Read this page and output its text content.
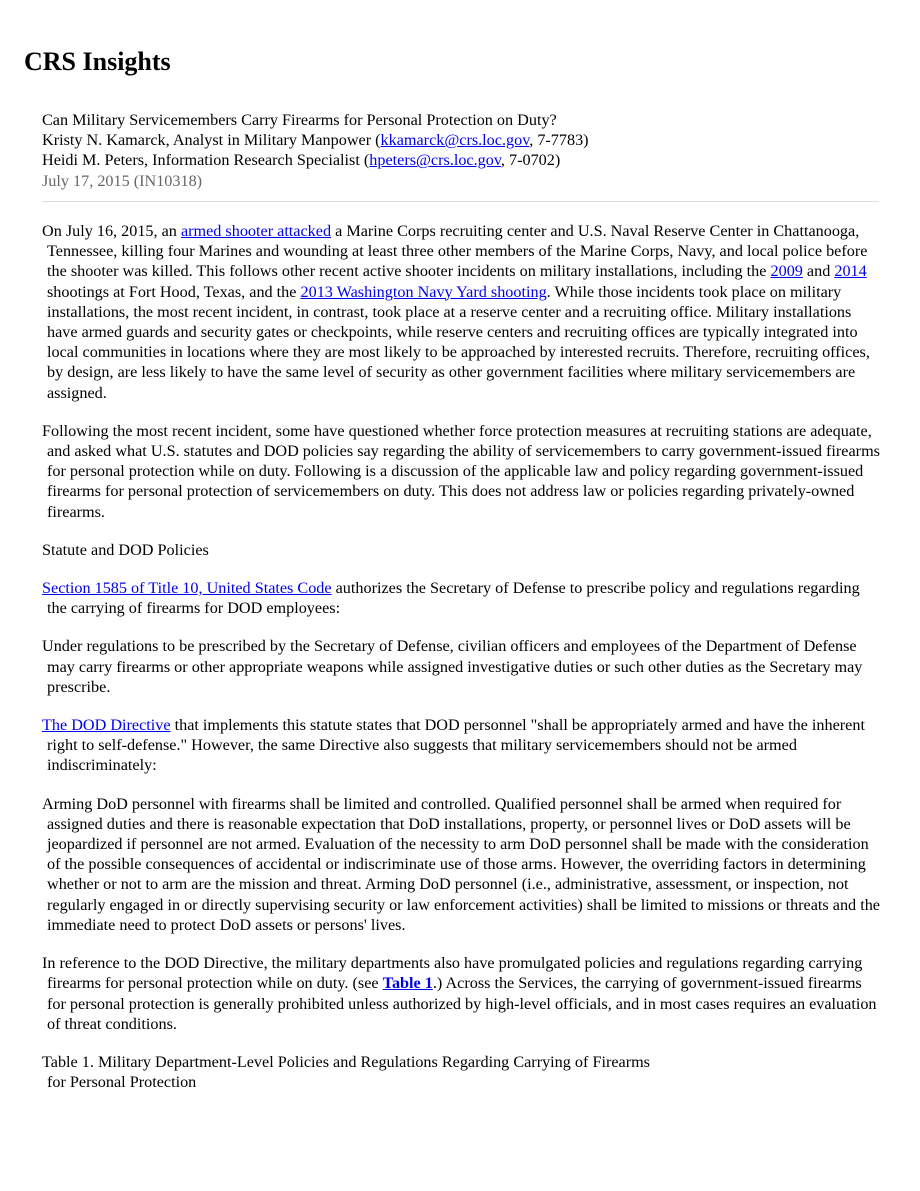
CRS Insights
Can Military Servicemembers Carry Firearms for Personal Protection on Duty?
Kristy N. Kamarck, Analyst in Military Manpower (kkamarck@crs.loc.gov, 7-7783)
Heidi M. Peters, Information Research Specialist (hpeters@crs.loc.gov, 7-0702)
July 17, 2015 (IN10318)

On July 16, 2015, an armed shooter attacked a Marine Corps recruiting center and U.S. Naval Reserve Center in Chattanooga, Tennessee, killing four Marines and wounding at least three other members of the Marine Corps, Navy, and local police before the shooter was killed. This follows other recent active shooter incidents on military installations, including the 2009 and 2014 shootings at Fort Hood, Texas, and the 2013 Washington Navy Yard shooting. While those incidents took place on military installations, the most recent incident, in contrast, took place at a reserve center and a recruiting office. Military installations have armed guards and security gates or checkpoints, while reserve centers and recruiting offices are typically integrated into local communities in locations where they are most likely to be approached by interested recruits. Therefore, recruiting offices, by design, are less likely to have the same level of security as other government facilities where military servicemembers are assigned.

Following the most recent incident, some have questioned whether force protection measures at recruiting stations are adequate, and asked what U.S. statutes and DOD policies say regarding the ability of servicemembers to carry government-issued firearms for personal protection while on duty. Following is a discussion of the applicable law and policy regarding government-issued firearms for personal protection of servicemembers on duty. This does not address law or policies regarding privately-owned firearms.

Statute and DOD Policies

Section 1585 of Title 10, United States Code authorizes the Secretary of Defense to prescribe policy and regulations regarding the carrying of firearms for DOD employees:

Under regulations to be prescribed by the Secretary of Defense, civilian officers and employees of the Department of Defense may carry firearms or other appropriate weapons while assigned investigative duties or such other duties as the Secretary may prescribe.

The DOD Directive that implements this statute states that DOD personnel "shall be appropriately armed and have the inherent right to self-defense." However, the same Directive also suggests that military servicemembers should not be armed indiscriminately:

Arming DoD personnel with firearms shall be limited and controlled. Qualified personnel shall be armed when required for assigned duties and there is reasonable expectation that DoD installations, property, or personnel lives or DoD assets will be jeopardized if personnel are not armed. Evaluation of the necessity to arm DoD personnel shall be made with the consideration of the possible consequences of accidental or indiscriminate use of those arms. However, the overriding factors in determining whether or not to arm are the mission and threat. Arming DoD personnel (i.e., administrative, assessment, or inspection, not regularly engaged in or directly supervising security or law enforcement activities) shall be limited to missions or threats and the immediate need to protect DoD assets or persons' lives.

In reference to the DOD Directive, the military departments also have promulgated policies and regulations regarding carrying firearms for personal protection while on duty. (see Table 1.) Across the Services, the carrying of government-issued firearms for personal protection is generally prohibited unless authorized by high-level officials, and in most cases requires an evaluation of threat conditions.

Table 1. Military Department-Level Policies and Regulations Regarding Carrying of Firearms
for Personal Protection
